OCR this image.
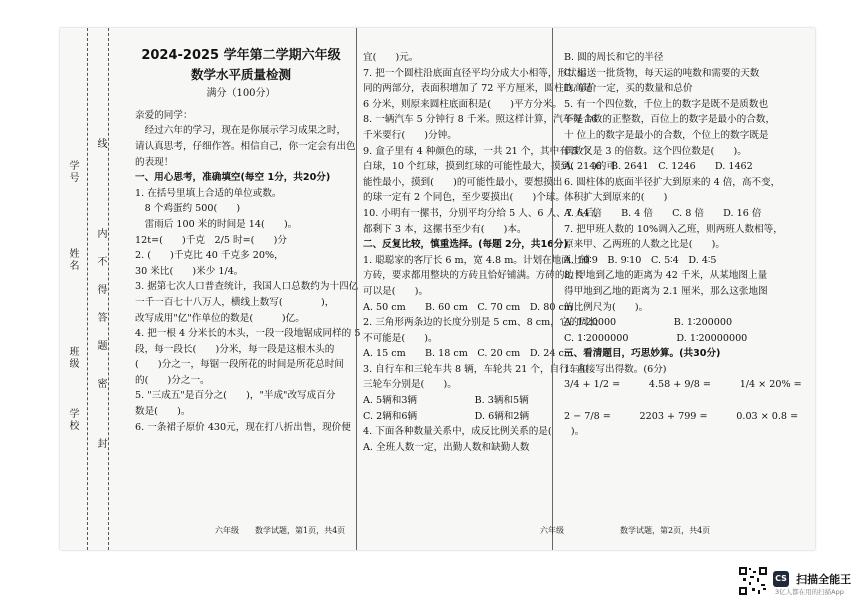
学号
姓名
班级
学校
线
内
不
得
答
题
密
封
2024-2025 学年第二学期六年级
数学水平质量检测
满分（100分）

亲爱的同学：

　经过六年的学习，现在是你展示学习成果之时，

请认真思考，仔细作答。相信自己，你一定会有出色

的表现！

一、用心思考，准确填空(每空 1分，共20分)

1. 在括号里填上合适的单位或数。

　8 个鸡蛋约 500(　　)

　雷雨后 100 米的时间是 14(　　)。

12t=(　　)千克　2/5 时=(　　)分

2. (　　)千克比 40 千克多 20%，

30 米比(　　)米少 1/4。

3. 据第七次人口普查统计，我国人口总数约为十四亿

一千一百七十八万人，横线上数写(　　　　)，

改写成用"亿"作单位的数是(　　　)亿。

4. 把一根 4 分米长的木头，一段一段地锯成同样的 5

段，每一段长(　　)分米，每一段是这根木头的

(　　)分之一，每锯一段所花的时间是所花总时间

的(　　)分之一。

5. "三成五"是百分之(　　)，"半成"改写成百分

数是(　　)。

6. 一条裙子原价 430元，现在打八折出售，现价便

六年级　　数学试题，第1页，共4页

宜(　　)元。

7. 把一个圆柱沿底面直径平均分成大小相等，形状相

同的两部分，表面积增加了 72 平方厘米，圆柱的高是

6 分米，则原来圆柱底面积是(　　)平方分米。

8. 一辆汽车 5 分钟行 8 千米。照这样计算，汽车每 16

千米要行(　　)分钟。

9. 盒子里有 4 种颜色的球，一共 21 个，其中有 5 个

白球，10 个红球，摸到红球的可能性最大，摸到(　　)的可

能性最小，摸到(　　)的可能性最小，要想摸出

的球一定有 2 个同色，至少要摸出(　　)个球。

10. 小明有一摞书，分别平均分给 5 人、6 人、7 人后，

都剩下 3 本，这摞书至少有(　　)本。

二、反复比较，慎重选择。(每题 2分，共16分)

1. 聪聪家的客厅长 6 m，宽 4.8 m。计划在地面上铺

方砖，要求都用整块的方砖且恰好铺满。方砖的边长

可以是(　　)。

A. 50 cm　　B. 60 cm　C. 70 cm　D. 80 cm

2. 三角形两条边的长度分别是 5 cm、8 cm，它的周长

不可能是(　　)。

A. 15 cm　　B. 18 cm　C. 20 cm　D. 24 cm

3. 自行车和三轮车共 8 辆，车轮共 21 个，自行车和

三轮车分别是(　　)。

A. 5辆和3辆　　　　　　B. 3辆和5辆

C. 2辆和6辆　　　　　　D. 6辆和2辆

4. 下面各种数量关系中，成反比例关系的是(　　)。

A. 全班人数一定，出勤人数和缺勤人数

B. 圆的周长和它的半径

C. 运送一批货物，每天运的吨数和需要的天数

D. 单价一定，买的数量和总价

5. 有一个四位数，千位上的数字是既不是质数也

不是合数的正整数，百位上的数字是最小的合数，

十 位上的数字是最小的合数，个位上的数字既是

偶数又是 3 的倍数。这个四位数是(　　)。

A. 2146　B. 2641　C. 1246　　D. 1462

6. 圆柱体的底面半径扩大到原来的 4 倍，高不变，

体积扩大到原来的(　　)

A. 64 倍　　B. 4 倍　　C. 8 倍　　D. 16 倍

7. 把甲班人数的 10%调入乙班，则两班人数相等，

原来甲、乙两班的人数之比是(　　)。

A. 10∶9　B. 9∶10　C. 5∶4　D. 4∶5

8. 甲地到乙地的距离为 42 千米，从某地图上量

得甲地到乙地的距离为 2.1 厘米，那么这张地图

的比例尺为(　　)。

A. 1∶20000　　　　　　B. 1∶200000

C. 1∶2000000　　　　　D. 1∶20000000

三、看清题目，巧思妙算。(共30分)

1. 直接写出得数。(6分)

3/4 + 1/2 =　　　4.58 + 9/8 =　　　1/4 × 20% =

2 − 7/8 =　　　2203 + 799 =　　　0.03 × 0.8 =

六年级	数学试题，第2页，共4页
CS 扫描全能王
3亿人都在用的扫描App
